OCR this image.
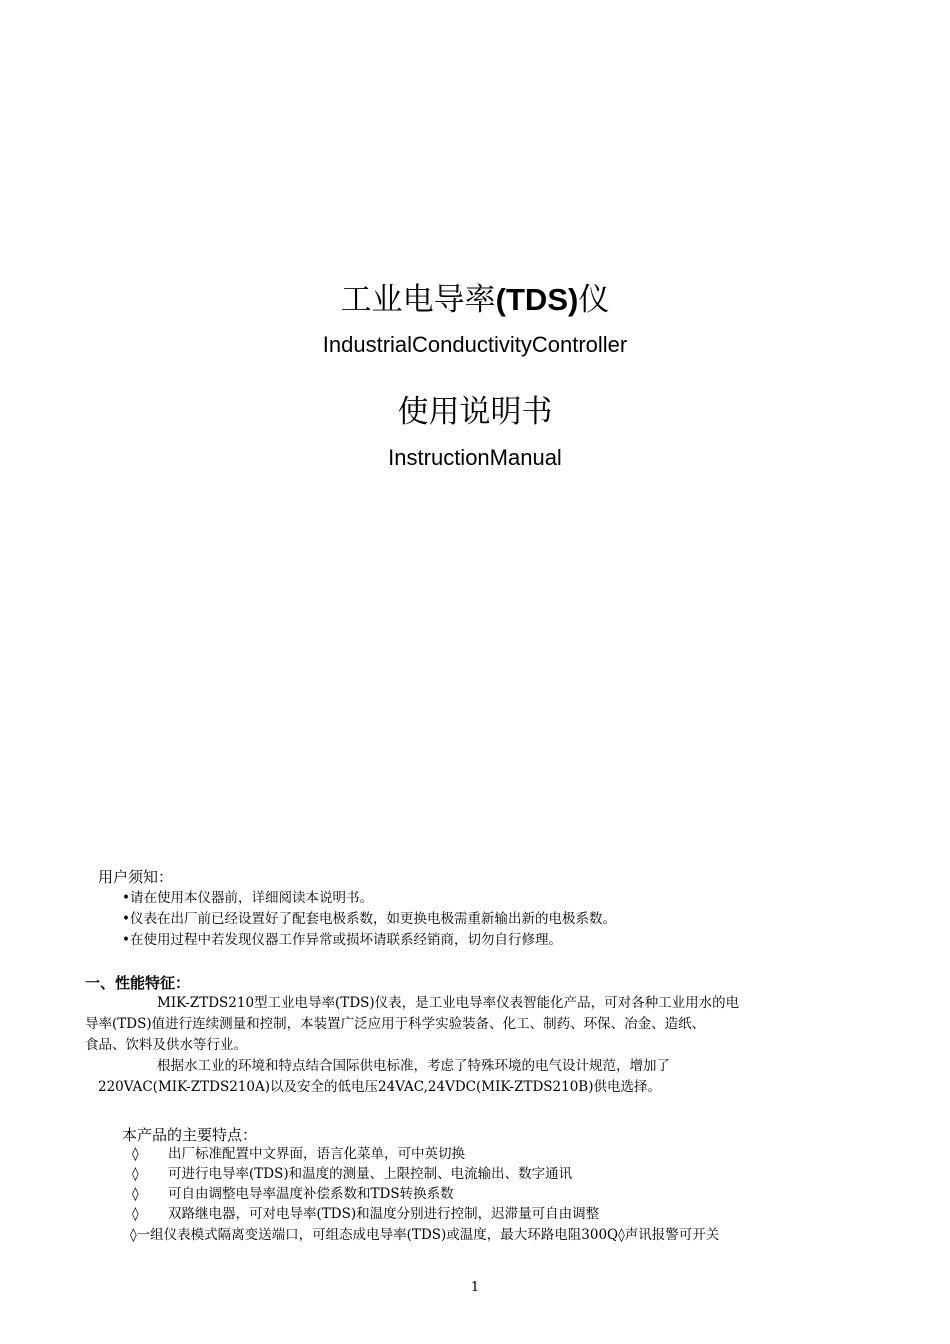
工业电导率(TDS)仪
IndustrialConductivityController
使用说明书
InstructionManual
用户须知：
•请在使用本仪器前，详细阅读本说明书。
•仪表在出厂前已经设置好了配套电极系数，如更换电极需重新输出新的电极系数。
•在使用过程中若发现仪器工作异常或损坏请联系经销商，切勿自行修理。
一、性能特征：
MIK-ZTDS210型工业电导率(TDS)仪表，是工业电导率仪表智能化产品，可对各种工业用水的电
导率(TDS)值进行连续测量和控制，本装置广泛应用于科学实验装备、化工、制药、环保、冶金、造纸、
食品、饮料及供水等行业。
根据水工业的环境和特点结合国际供电标准，考虑了特殊环境的电气设计规范，增加了
220VAC(MIK-ZTDS210A)以及安全的低电压24VAC,24VDC(MIK-ZTDS210B)供电选择。
本产品的主要特点：
◊ 出厂标准配置中文界面，语言化菜单，可中英切换
◊ 可进行电导率(TDS)和温度的测量、上限控制、电流输出、数字通讯
◊ 可自由调整电导率温度补偿系数和TDS转换系数
◊ 双路继电器，可对电导率(TDS)和温度分别进行控制，迟滞量可自由调整
◊一组仪表模式隔离变送端口，可组态成电导率(TDS)或温度，最大环路电阻300Q◊声讯报警可开关
1
